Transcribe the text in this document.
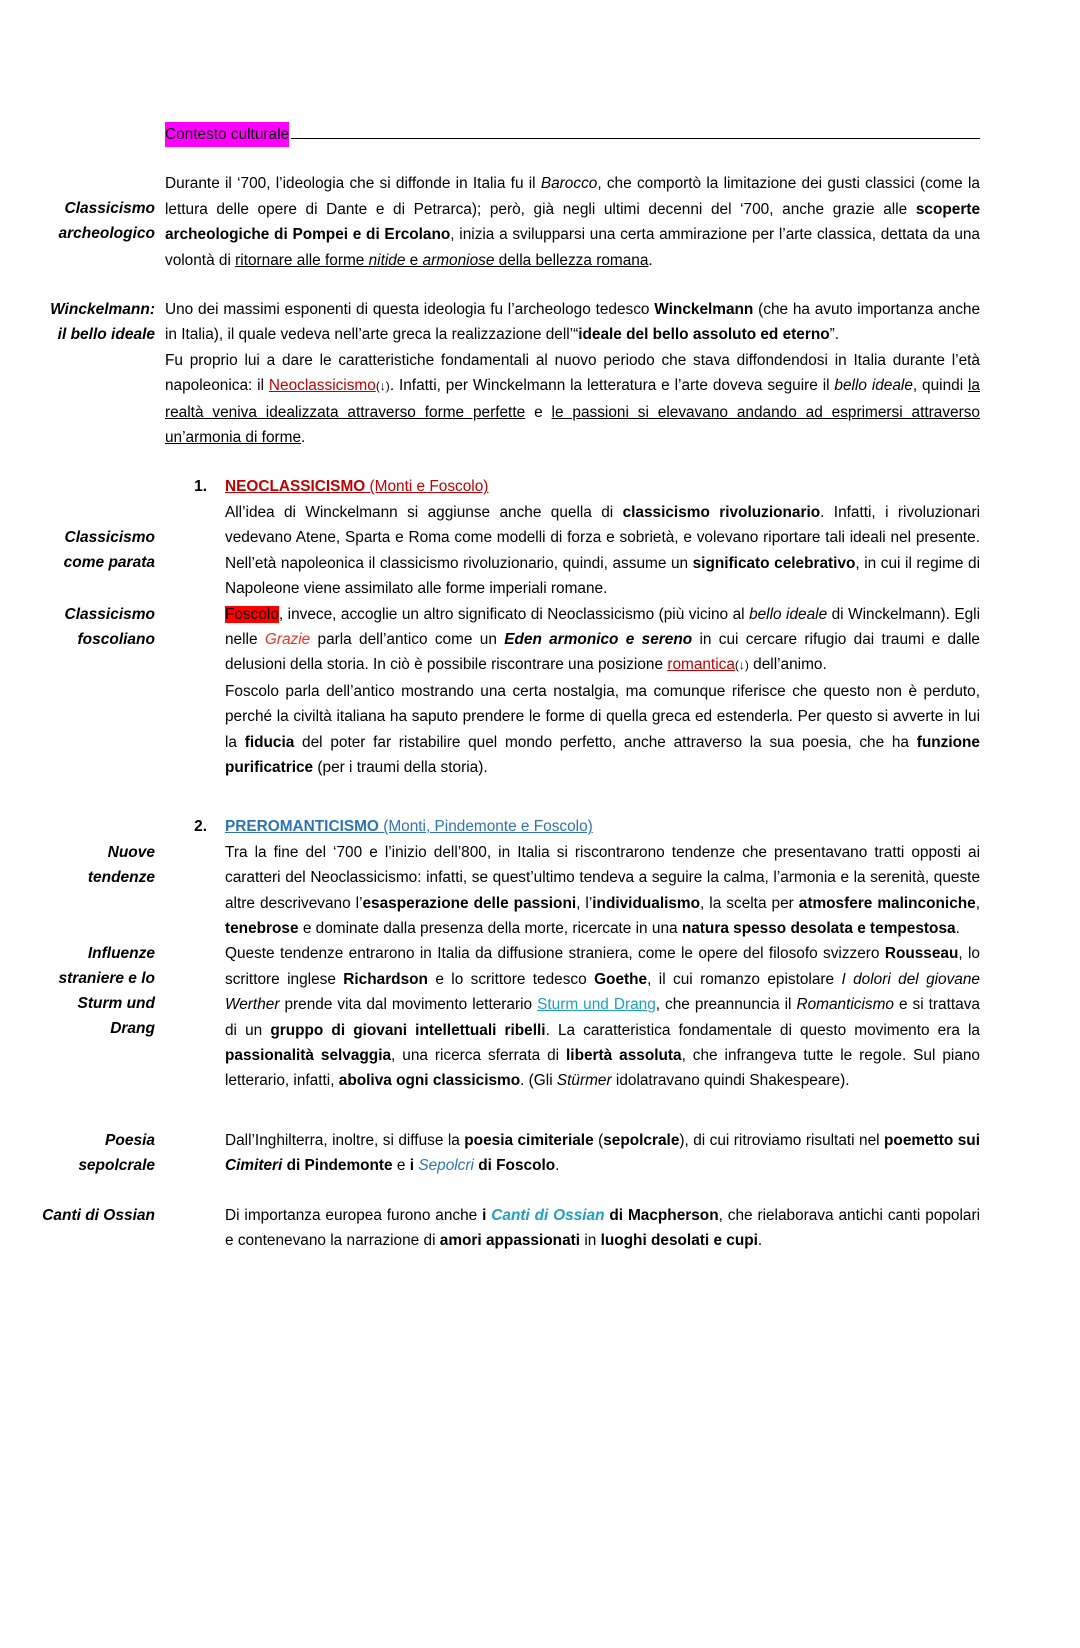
Contesto culturale
Classicismo
archeologico

Durante il ‘700, l’ideologia che si diffonde in Italia fu il Barocco, che comportò la limitazione dei gusti classici (come la lettura delle opere di Dante e di Petrarca); però, già negli ultimi decenni del ‘700, anche grazie alle scoperte archeologiche di Pompei e di Ercolano, inizia a svilupparsi una certa ammirazione per l’arte classica, dettata da una volontà di ritornare alle forme nitide e armoniose della bellezza romana.

Winckelmann:
il bello ideale

Uno dei massimi esponenti di questa ideologia fu l’archeologo tedesco Winckelmann (che ha avuto importanza anche in Italia), il quale vedeva nell’arte greca la realizzazione dell’“ideale del bello assoluto ed eterno”.

Fu proprio lui a dare le caratteristiche fondamentali al nuovo periodo che stava diffondendosi in Italia durante l’età napoleonica: il Neoclassicismo(↓). Infatti, per Winckelmann la letteratura e l’arte doveva seguire il bello ideale, quindi la realtà veniva idealizzata attraverso forme perfette e le passioni si elevavano andando ad esprimersi attraverso un’armonia di forme.

1.	NEOCLASSICISMO (Monti e Foscolo)
Classicismo
come parata

All’idea di Winckelmann si aggiunse anche quella di classicismo rivoluzionario. Infatti, i rivoluzionari vedevano Atene, Sparta e Roma come modelli di forza e sobrietà, e volevano riportare tali ideali nel presente. Nell’età napoleonica il classicismo rivoluzionario, quindi, assume un significato celebrativo, in cui il regime di Napoleone viene assimilato alle forme imperiali romane.

Classicismo
foscoliano

Foscolo, invece, accoglie un altro significato di Neoclassicismo (più vicino al bello ideale di Winckelmann). Egli nelle Grazie parla dell’antico come un Eden armonico e sereno in cui cercare rifugio dai traumi e dalle delusioni della storia. In ciò è possibile riscontrare una posizione romantica(↓) dell’animo.

Foscolo parla dell’antico mostrando una certa nostalgia, ma comunque riferisce che questo non è perduto, perché la civiltà italiana ha saputo prendere le forme di quella greca ed estenderla. Per questo si avverte in lui la fiducia del poter far ristabilire quel mondo perfetto, anche attraverso la sua poesia, che ha funzione purificatrice (per i traumi della storia).

2.	PREROMANTICISMO (Monti, Pindemonte e Foscolo)
Nuove
tendenze

Tra la fine del ‘700 e l’inizio dell’800, in Italia si riscontrarono tendenze che presentavano tratti opposti ai caratteri del Neoclassicismo: infatti, se quest’ultimo tendeva a seguire la calma, l’armonia e la serenità, queste altre descrivevano l’esasperazione delle passioni, l’individualismo, la scelta per atmosfere malinconiche, tenebrose e dominate dalla presenza della morte, ricercate in una natura spesso desolata e tempestosa.

Influenze
straniere e lo
Sturm und
Drang

Queste tendenze entrarono in Italia da diffusione straniera, come le opere del filosofo svizzero Rousseau, lo scrittore inglese Richardson e lo scrittore tedesco Goethe, il cui romanzo epistolare I dolori del giovane Werther prende vita dal movimento letterario Sturm und Drang, che preannuncia il Romanticismo e si trattava di un gruppo di giovani intellettuali ribelli. La caratteristica fondamentale di questo movimento era la passionalità selvaggia, una ricerca sferrata di libertà assoluta, che infrangeva tutte le regole. Sul piano letterario, infatti, aboliva ogni classicismo. (Gli Stürmer idolatravano quindi Shakespeare).

Poesia
sepolcrale

Dall’Inghilterra, inoltre, si diffuse la poesia cimiteriale (sepolcrale), di cui ritroviamo risultati nel poemetto sui Cimiteri di Pindemonte e i Sepolcri di Foscolo.

Canti di Ossian	Di importanza europea furono anche i Canti di Ossian di Macpherson, che rielaborava antichi canti popolari e contenevano la narrazione di amori appassionati in luoghi desolati e cupi.
